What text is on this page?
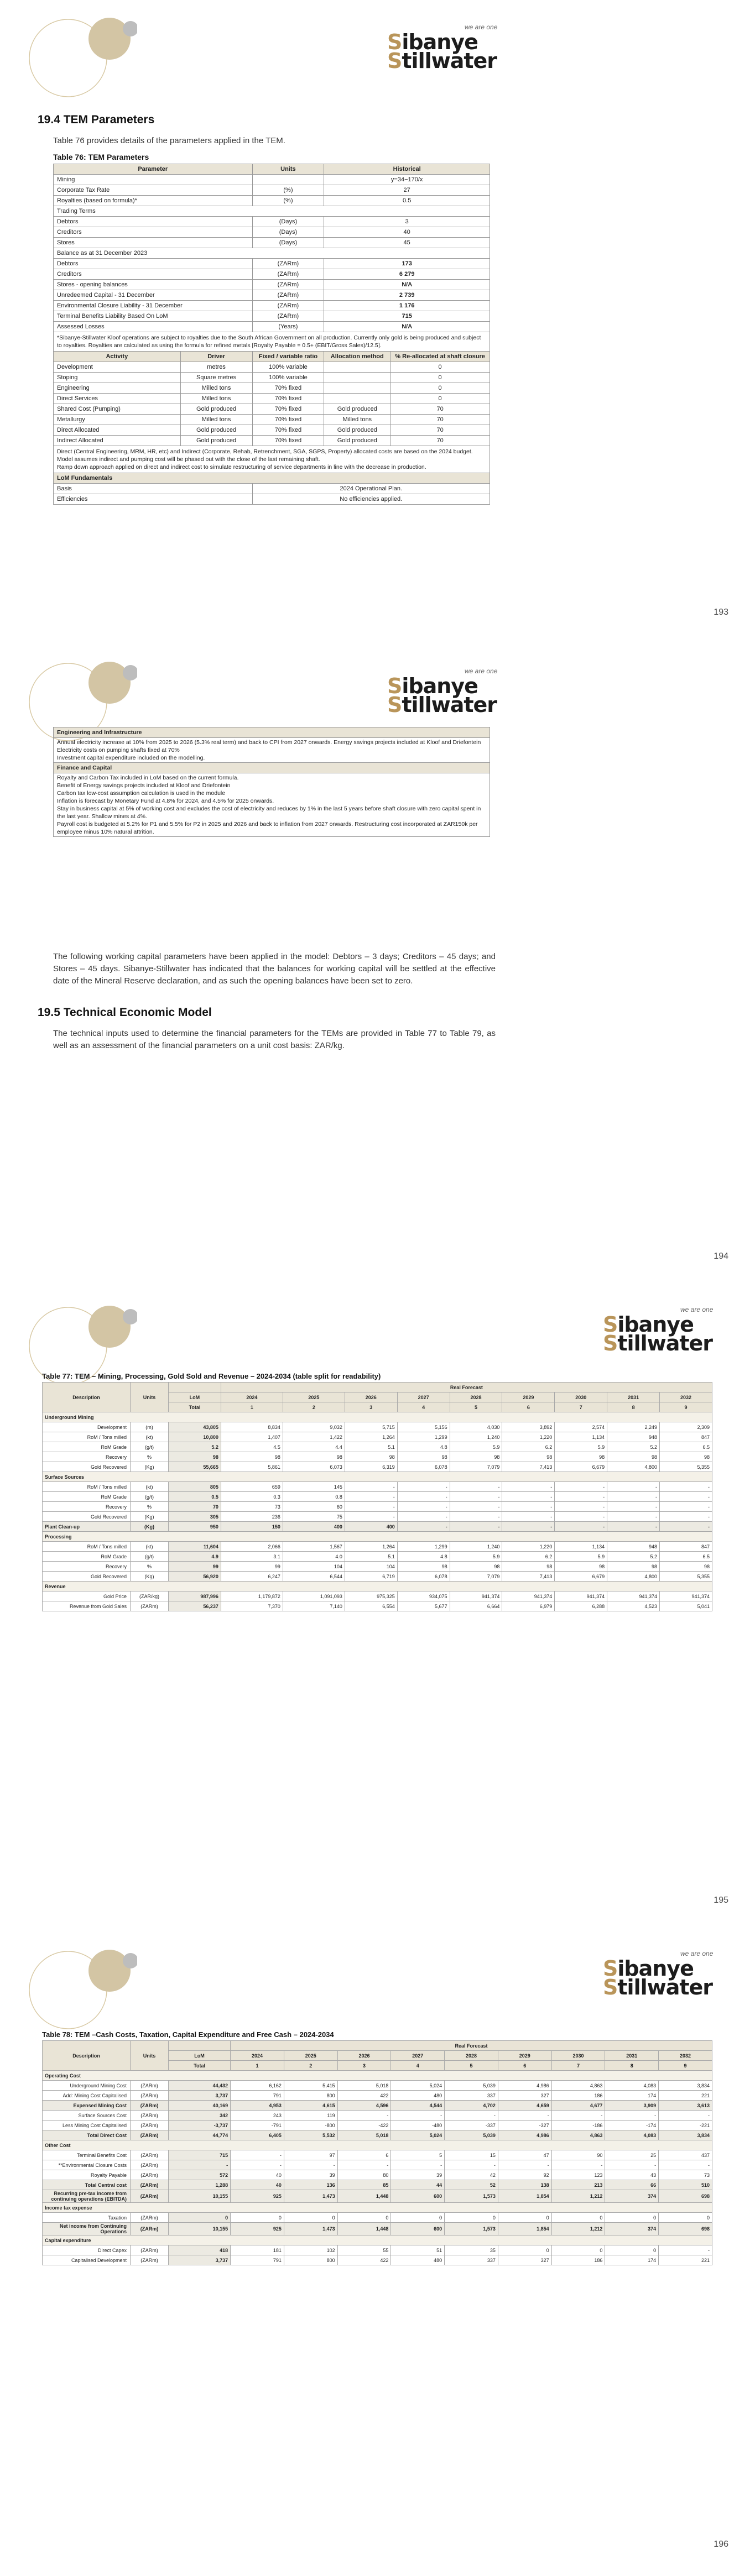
we are one
Sibanye
Stillwater
19.4 TEM Parameters
Table 76 provides details of the parameters applied in the TEM.
Table 76: TEM Parameters
Parameter		Units	Historical	
Mining			y=34−170/x	
Corporate Tax Rate		(%)	27	
Royalties (based on formula)*		(%)	0.5	
Trading Terms				
Debtors		(Days)	3	
Creditors		(Days)	40	
Stores		(Days)	45	
Balance as at 31 December 2023				
Debtors		(ZARm)	173	
Creditors		(ZARm)	6 279	
Stores - opening balances		(ZARm)	N/A	
Unredeemed Capital - 31 December		(ZARm)	2 739	
Environmental Closure Liability - 31 December		(ZARm)	1 176	
Terminal Benefits Liability Based On LoM		(ZARm)	715	
Assessed Losses		(Years)	N/A	
*Sibanye-Stillwater Kloof operations are subject to royalties due to the South African Government on all production. Currently only gold is being produced and subject to royalties. Royalties are calculated as using the formula for refined metals [Royalty Payable = 0.5+ (EBIT/Gross Sales)/12.5].				
Activity	Driver	Fixed / variable ratio	Allocation method	% Re-allocated at shaft closure
Development	metres	100% variable		0
Stoping	Square metres	100% variable		0
Engineering	Milled tons	70% fixed		0
Direct Services	Milled tons	70% fixed		0
Shared Cost (Pumping)	Gold produced	70% fixed	Gold produced	70
Metallurgy	Milled tons	70% fixed	Milled tons	70
Direct Allocated	Gold produced	70% fixed	Gold produced	70
Indirect Allocated	Gold produced	70% fixed	Gold produced	70

Direct (Central Engineering, MRM, HR, etc) and Indirect (Corporate, Rehab, Retrenchment, SGA, SGPS, Property) allocated costs are based on the 2024 budget.
Model assumes indirect and pumping cost will be phased out with the close of the last remaining shaft.
Ramp down approach applied on direct and indirect cost to simulate restructuring of service departments in line with the decrease in production.				

LoM Fundamentals				
Basis		2024 Operational Plan.		
Efficiencies		No efficiencies applied.		
193
we are one
Sibanye
Stillwater
Engineering and Infrastructure

Annual electricity increase at 10% from 2025 to 2026 (5.3% real term) and back to CPI from 2027 onwards. Energy savings projects included at Kloof and Driefontein
Electricity costs on pumping shafts fixed at 70%
Investment capital expenditure included on the modelling.

Finance and Capital

Royalty and Carbon Tax included in LoM based on the current formula.
Benefit of Energy savings projects included at Kloof and Driefontein
Carbon tax low-cost assumption calculation is used in the module
Inflation is forecast by Monetary Fund at 4.8% for 2024, and 4.5% for 2025 onwards.
Stay in business capital at 5% of working cost and excludes the cost of electricity and reduces by 1% in the last 5 years before shaft closure with zero capital spent in the last year. Shallow mines at 4%.
Payroll cost is budgeted at 5.2% for P1 and 5.5% for P2 in 2025 and 2026 and back to inflation from 2027 onwards. Restructuring cost incorporated at ZAR150k per employee minus 10% natural attrition.
The following working capital parameters have been applied in the model: Debtors – 3 days; Creditors – 45 days; and Stores – 45 days. Sibanye-Stillwater has indicated that the balances for working capital will be settled at the effective date of the Mineral Reserve declaration, and as such the opening balances have been set to zero.
19.5 Technical Economic Model
The technical inputs used to determine the financial parameters for the TEMs are provided in Table 77 to Table 79, as well as an assessment of the financial parameters on a unit cost basis: ZAR/kg.
194
we are one
Sibanye
Stillwater
Table 77: TEM – Mining, Processing, Gold Sold and Revenue – 2024-2034 (table split for readability)
Description	Units		Real Forecast								
		LoM	2024	2025	2026	2027	2028	2029	2030	2031	2032
		Total	1	2	3	4	5	6	7	8	9
Underground Mining											
Development	(m)	43,805	8,834	9,032	5,715	5,156	4,030	3,892	2,574	2,249	2,309
RoM / Tons milled	(kt)	10,800	1,407	1,422	1,264	1,299	1,240	1,220	1,134	948	847
RoM Grade	(g/t)	5.2	4.5	4.4	5.1	4.8	5.9	6.2	5.9	5.2	6.5
Recovery	%	98	98	98	98	98	98	98	98	98	98
Gold Recovered	(Kg)	55,665	5,861	6,073	6,319	6,078	7,079	7,413	6,679	4,800	5,355
Surface Sources											
RoM / Tons milled	(kt)	805	659	145	-	-	-	-	-	-	-
RoM Grade	(g/t)	0.5	0.3	0.8	-	-	-	-	-	-	-
Recovery	%	70	73	60	-	-	-	-	-	-	-
Gold Recovered	(Kg)	305	236	75	-	-	-	-	-	-	-
Plant Clean-up	(Kg)	950	150	400	400	-	-	-	-	-	-
Processing											
RoM / Tons milled	(kt)	11,604	2,066	1,567	1,264	1,299	1,240	1,220	1,134	948	847
RoM Grade	(g/t)	4.9	3.1	4.0	5.1	4.8	5.9	6.2	5.9	5.2	6.5
Recovery	%	99	99	104	104	98	98	98	98	98	98
Gold Recovered	(Kg)	56,920	6,247	6,544	6,719	6,078	7,079	7,413	6,679	4,800	5,355
Revenue											
Gold Price	(ZAR/kg)	987,996	1,179,872	1,091,093	975,325	934,075	941,374	941,374	941,374	941,374	941,374
Revenue from Gold Sales	(ZARm)	56,237	7,370	7,140	6,554	5,677	6,664	6,979	6,288	4,523	5,041
195
we are one
Sibanye
Stillwater
Table 78: TEM –Cash Costs, Taxation, Capital Expenditure and Free Cash – 2024-2034
Description	Units		Real Forecast								
		LoM	2024	2025	2026	2027	2028	2029	2030	2031	2032
		Total	1	2	3	4	5	6	7	8	9
Operating Cost											
Underground Mining Cost	(ZARm)	44,432	6,162	5,415	5,018	5,024	5,039	4,986	4,863	4,083	3,834
Add: Mining Cost Capitalised	(ZARm)	3,737	791	800	422	480	337	327	186	174	221
Expensed Mining Cost	(ZARm)	40,169	4,953	4,615	4,596	4,544	4,702	4,659	4,677	3,909	3,613
Surface Sources Cost	(ZARm)	342	243	119	-	-	-	-	-	-	-
Less Mining Cost Capitalised	(ZARm)	-3,737	-791	-800	-422	-480	-337	-327	-186	-174	-221
Total Direct Cost	(ZARm)	44,774	6,405	5,532	5,018	5,024	5,039	4,986	4,863	4,083	3,834
Other Cost											
Terminal Benefits Cost	(ZARm)	715	-	97	6	5	15	47	90	25	437
**Environmental Closure Costs	(ZARm)	-	-	-	-	-	-	-	-	-	-
Royalty Payable	(ZARm)	572	40	39	80	39	42	92	123	43	73
Total Central cost	(ZARm)	1,288	40	136	85	44	52	138	213	66	510
Recurring pre-tax income from continuing operations (EBITDA)	(ZARm)	10,155	925	1,473	1,448	600	1,573	1,854	1,212	374	698
Income tax expense											
Taxation	(ZARm)	0	0	0	0	0	0	0	0	0	0
Net income from Continuing Operations	(ZARm)	10,155	925	1,473	1,448	600	1,573	1,854	1,212	374	698
Capital expenditure											
Direct Capex	(ZARm)	418	181	102	55	51	35	0	0	0	-
Capitalised Development	(ZARm)	3,737	791	800	422	480	337	327	186	174	221
196
